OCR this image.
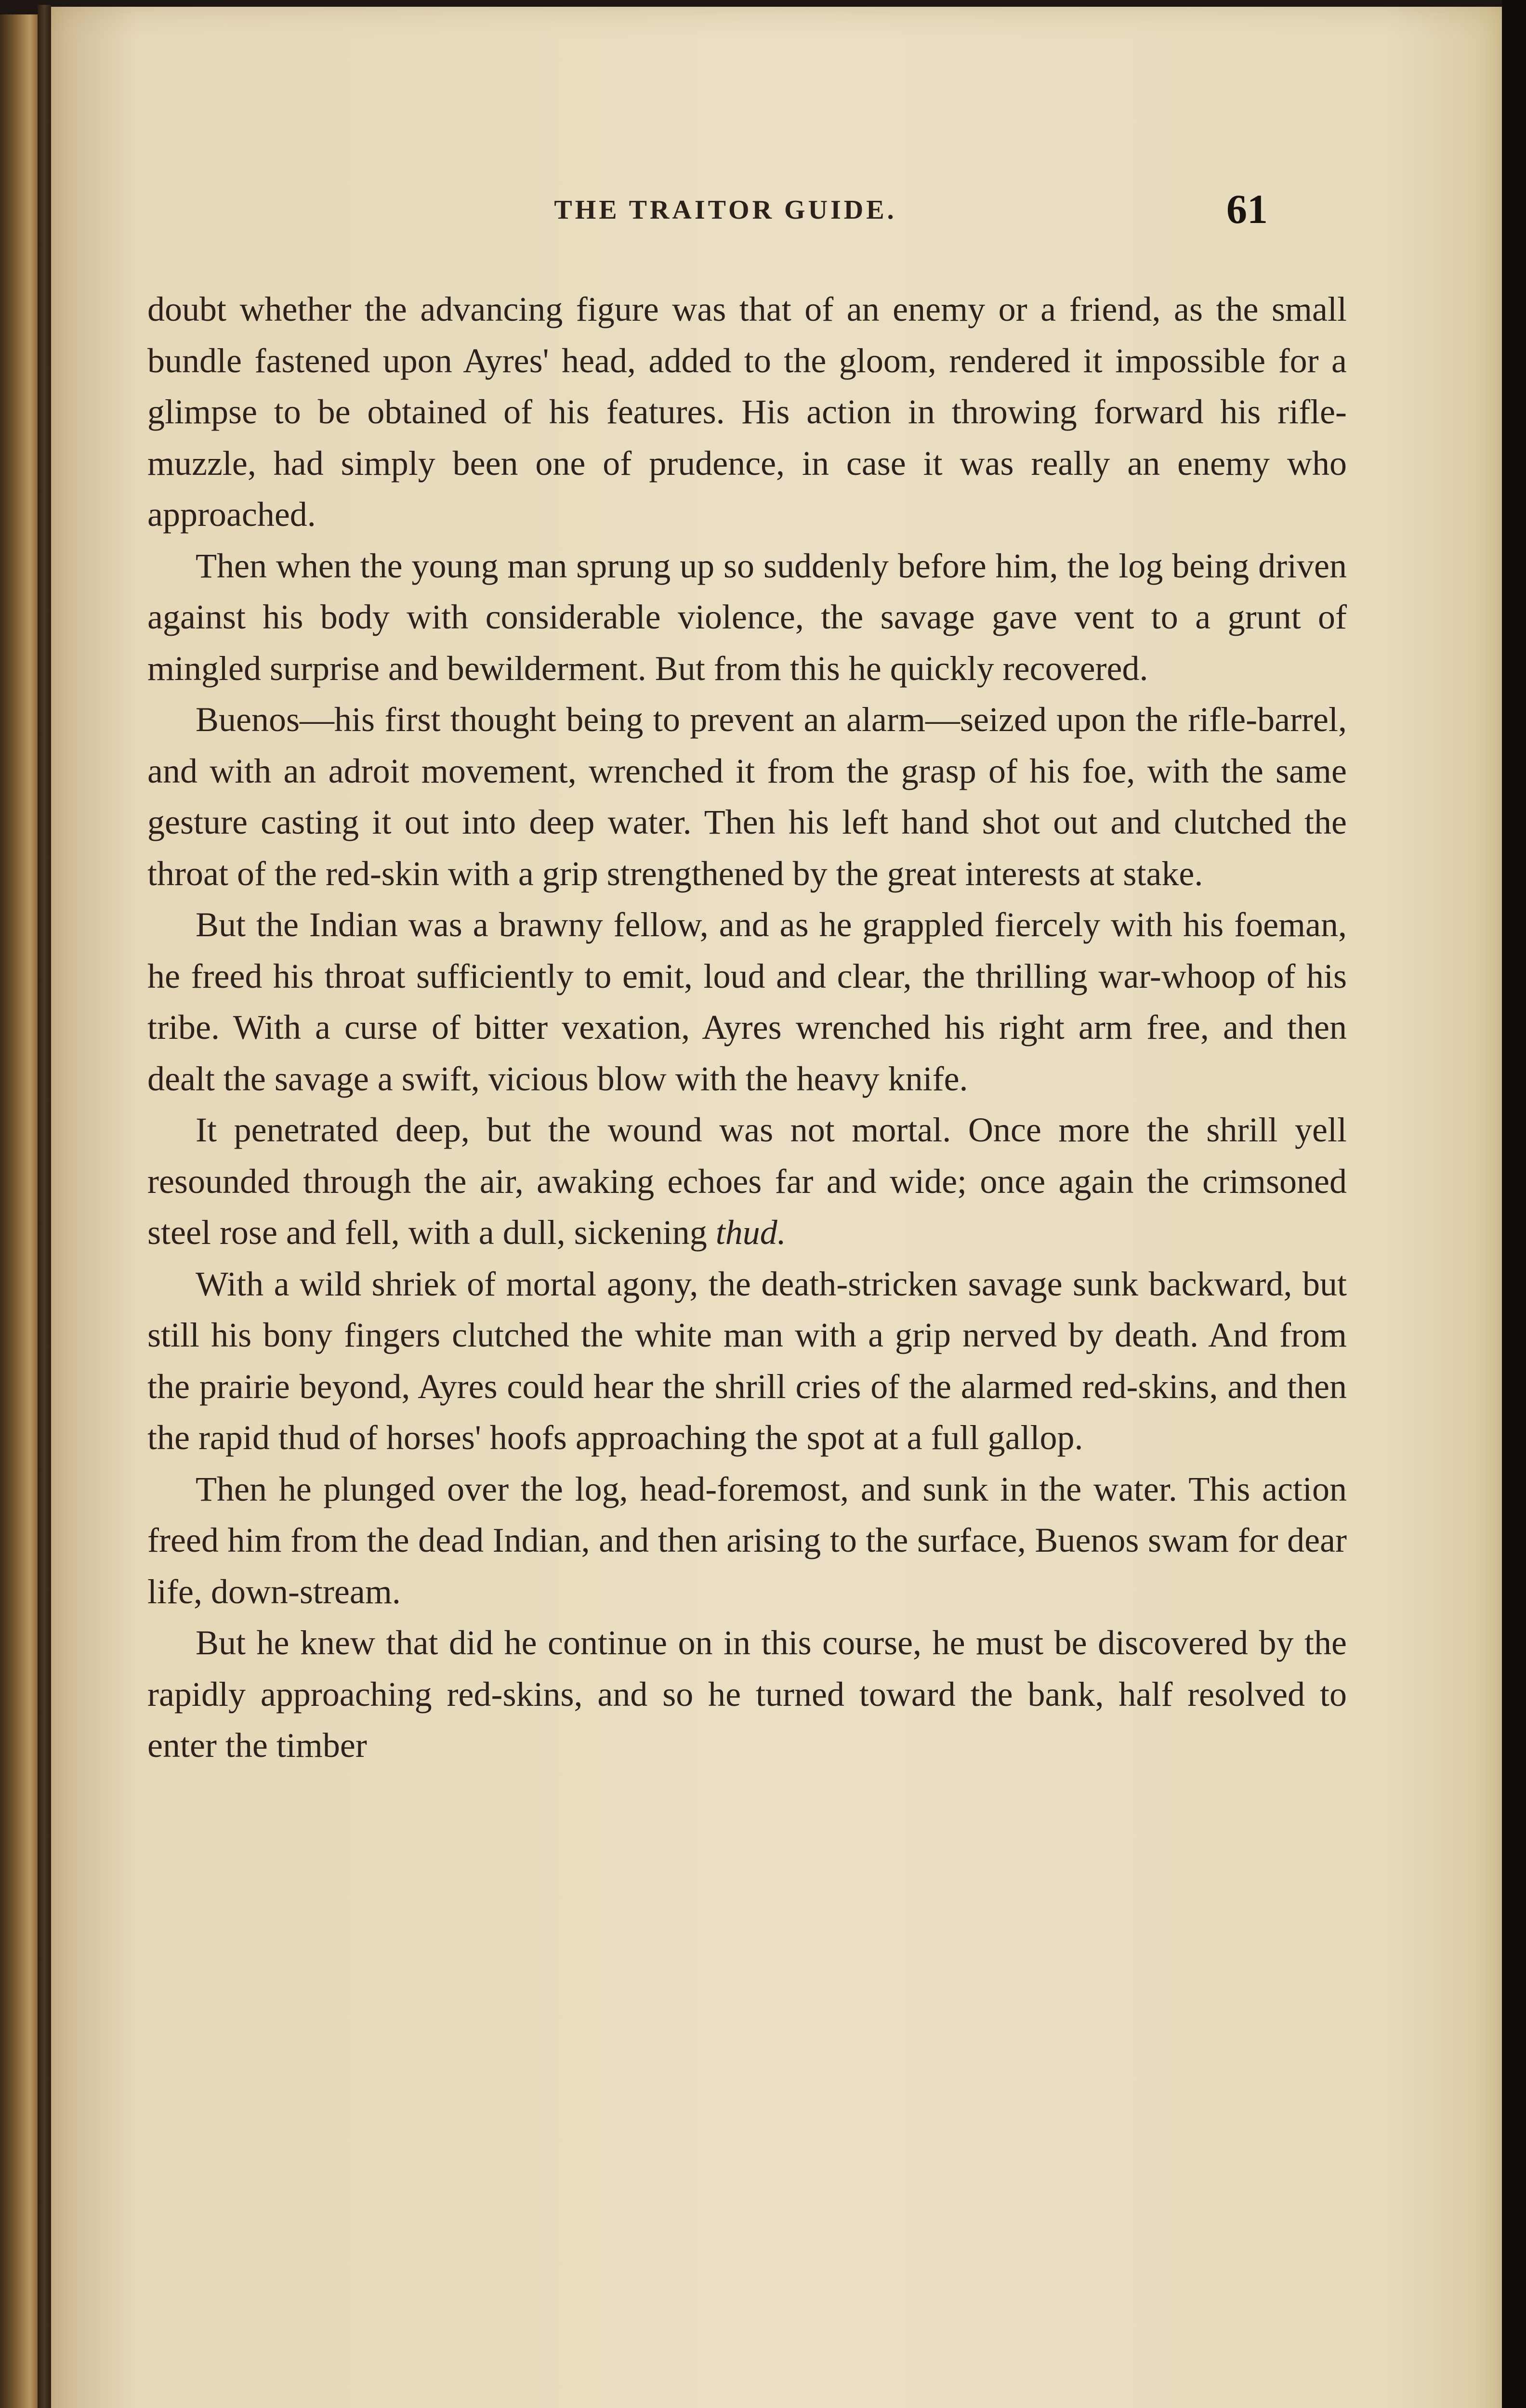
THE TRAITOR GUIDE.	61

doubt whether the advancing figure was that of an enemy or a friend, as the small bundle fastened upon Ayres' head, added to the gloom, rendered it impossible for a glimpse to be obtained of his features. His action in throwing forward his rifle-muzzle, had simply been one of prudence, in case it was really an enemy who approached.

Then when the young man sprung up so suddenly before him, the log being driven against his body with considerable violence, the savage gave vent to a grunt of mingled surprise and bewilderment. But from this he quickly recovered.

Buenos—his first thought being to prevent an alarm—seized upon the rifle-barrel, and with an adroit movement, wrenched it from the grasp of his foe, with the same gesture casting it out into deep water. Then his left hand shot out and clutched the throat of the red-skin with a grip strengthened by the great interests at stake.

But the Indian was a brawny fellow, and as he grappled fiercely with his foeman, he freed his throat sufficiently to emit, loud and clear, the thrilling war-whoop of his tribe. With a curse of bitter vexation, Ayres wrenched his right arm free, and then dealt the savage a swift, vicious blow with the heavy knife.

It penetrated deep, but the wound was not mortal. Once more the shrill yell resounded through the air, awaking echoes far and wide; once again the crimsoned steel rose and fell, with a dull, sickening thud.

With a wild shriek of mortal agony, the death-stricken savage sunk backward, but still his bony fingers clutched the white man with a grip nerved by death. And from the prairie beyond, Ayres could hear the shrill cries of the alarmed red-skins, and then the rapid thud of horses' hoofs approaching the spot at a full gallop.

Then he plunged over the log, head-foremost, and sunk in the water. This action freed him from the dead Indian, and then arising to the surface, Buenos swam for dear life, down-stream.

But he knew that did he continue on in this course, he must be discovered by the rapidly approaching red-skins, and so he turned toward the bank, half resolved to enter the timber
